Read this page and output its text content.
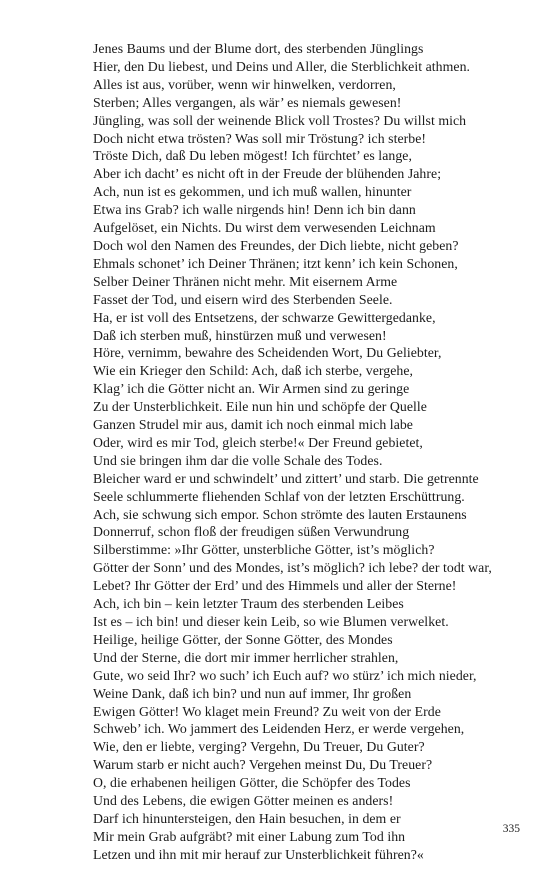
Jenes Baums und der Blume dort, des sterbenden Jünglings
Hier, den Du liebest, und Deins und Aller, die Sterblichkeit athmen.
Alles ist aus, vorüber, wenn wir hinwelken, verdorren,
Sterben; Alles vergangen, als wär’ es niemals gewesen!
Jüngling, was soll der weinende Blick voll Trostes? Du willst mich
Doch nicht etwa trösten? Was soll mir Tröstung? ich sterbe!
Tröste Dich, daß Du leben mögest! Ich fürchtet’ es lange,
Aber ich dacht’ es nicht oft in der Freude der blühenden Jahre;
Ach, nun ist es gekommen, und ich muß wallen, hinunter
Etwa ins Grab? ich walle nirgends hin! Denn ich bin dann
Aufgelöset, ein Nichts. Du wirst dem verwesenden Leichnam
Doch wol den Namen des Freundes, der Dich liebte, nicht geben?
Ehmals schonet’ ich Deiner Thränen; itzt kenn’ ich kein Schonen,
Selber Deiner Thränen nicht mehr. Mit eisernem Arme
Fasset der Tod, und eisern wird des Sterbenden Seele.
Ha, er ist voll des Entsetzens, der schwarze Gewittergedanke,
Daß ich sterben muß, hinstürzen muß und verwesen!
Höre, vernimm, bewahre des Scheidenden Wort, Du Geliebter,
Wie ein Krieger den Schild: Ach, daß ich sterbe, vergehe,
Klag’ ich die Götter nicht an. Wir Armen sind zu geringe
Zu der Unsterblichkeit. Eile nun hin und schöpfe der Quelle
Ganzen Strudel mir aus, damit ich noch einmal mich labe
Oder, wird es mir Tod, gleich sterbe!« Der Freund gebietet,
Und sie bringen ihm dar die volle Schale des Todes.
Bleicher ward er und schwindelt’ und zittert’ und starb. Die getrennte
Seele schlummerte fliehenden Schlaf von der letzten Erschüttrung.
Ach, sie schwung sich empor. Schon strömte des lauten Erstaunens
Donnerruf, schon floß der freudigen süßen Verwundrung
Silberstimme: »Ihr Götter, unsterbliche Götter, ist’s möglich?
Götter der Sonn’ und des Mondes, ist’s möglich? ich lebe? der todt war,
Lebet? Ihr Götter der Erd’ und des Himmels und aller der Sterne!
Ach, ich bin – kein letzter Traum des sterbenden Leibes
Ist es – ich bin! und dieser kein Leib, so wie Blumen verwelket.
Heilige, heilige Götter, der Sonne Götter, des Mondes
Und der Sterne, die dort mir immer herrlicher strahlen,
Gute, wo seid Ihr? wo such’ ich Euch auf? wo stürz’ ich mich nieder,
Weine Dank, daß ich bin? und nun auf immer, Ihr großen
Ewigen Götter! Wo klaget mein Freund? Zu weit von der Erde
Schweb’ ich. Wo jammert des Leidenden Herz, er werde vergehen,
Wie, den er liebte, verging? Vergehn, Du Treuer, Du Guter?
Warum starb er nicht auch? Vergehen meinst Du, Du Treuer?
O, die erhabenen heiligen Götter, die Schöpfer des Todes
Und des Lebens, die ewigen Götter meinen es anders!
Darf ich hinuntersteigen, den Hain besuchen, in dem er
Mir mein Grab aufgräbt? mit einer Labung zum Tod ihn
Letzen und ihn mit mir herauf zur Unsterblichkeit führen?«
335
